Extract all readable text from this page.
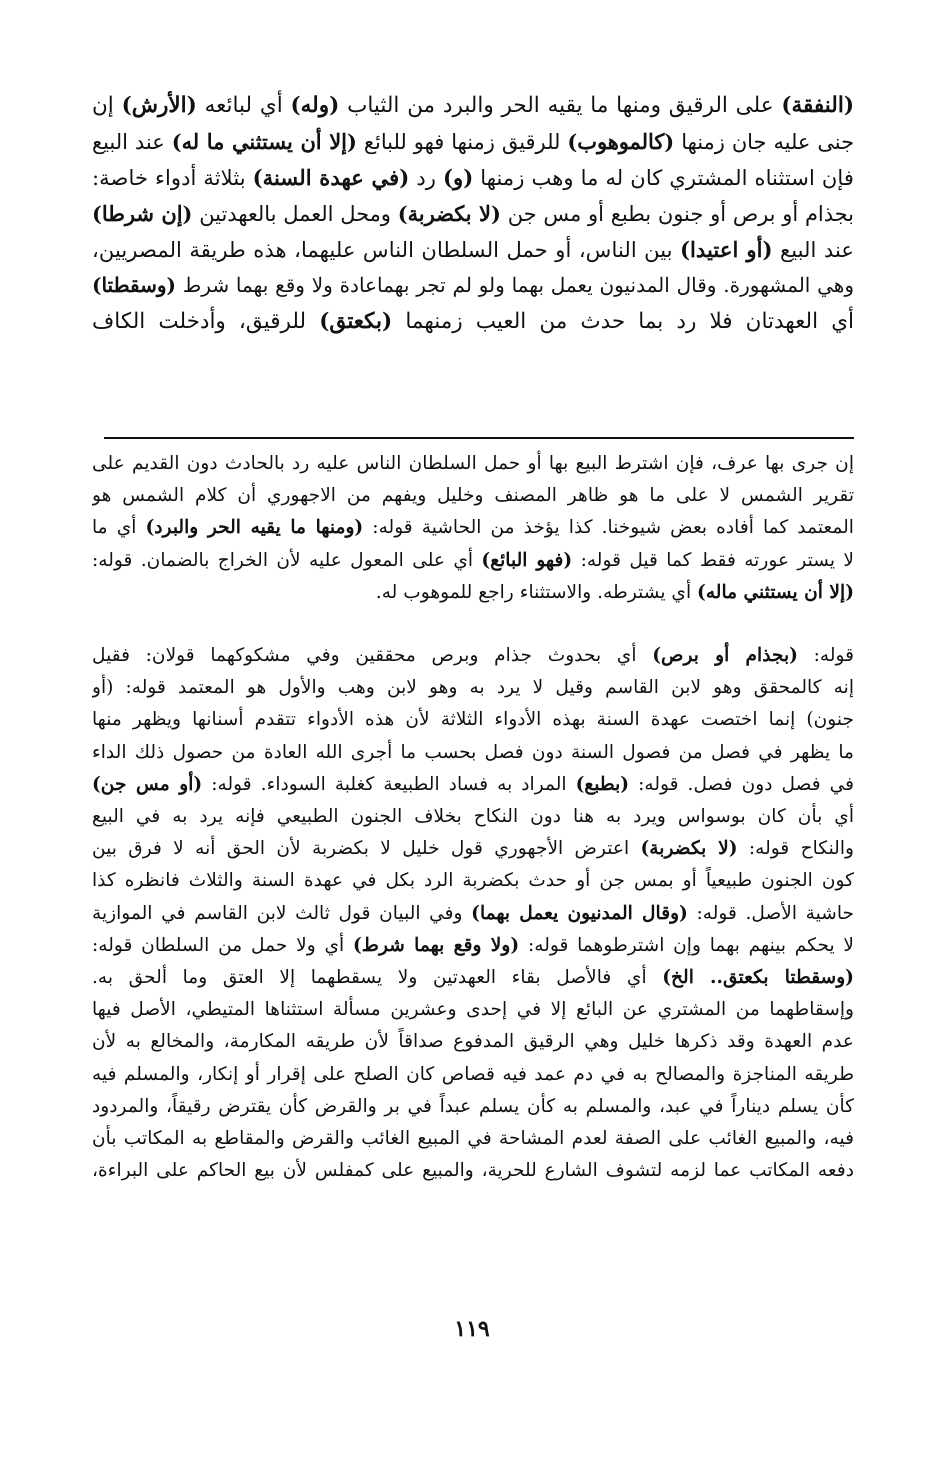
(النفقة) على الرقيق ومنها ما يقيه الحر والبرد من الثياب (وله) أي لبائعه (الأرش) إن
جنى عليه جان زمنها (كالموهوب) للرقيق زمنها فهو للبائع (إلا أن يستثني ما له) عند البيع
فإن استثناه المشتري كان له ما وهب زمنها (و) رد (في عهدة السنة) بثلاثة أدواء خاصة:
بجذام أو برص أو جنون بطبع أو مس جن (لا بكضربة) ومحل العمل بالعهدتين (إن شرطا)
عند البيع (أو اعتيدا) بين الناس، أو حمل السلطان الناس عليهما، هذه طريقة المصريين،
وهي المشهورة. وقال المدنيون يعمل بهما ولو لم تجر بهماعادة ولا وقع بهما شرط (وسقطتا)
أي العهدتان فلا رد بما حدث من العيب زمنهما (بكعتق) للرقيق، وأدخلت الكاف
إن جرى بها عرف، فإن اشترط البيع بها أو حمل السلطان الناس عليه رد بالحادث دون القديم على
تقرير الشمس لا على ما هو ظاهر المصنف وخليل ويفهم من الاجهوري أن كلام الشمس هو
المعتمد كما أفاده بعض شيوخنا. كذا يؤخذ من الحاشية قوله: (ومنها ما يقيه الحر والبرد) أي ما
لا يستر عورته فقط كما قيل قوله: (فهو البائع) أي على المعول عليه لأن الخراج بالضمان. قوله:
(إلا أن يستثني ماله) أي يشترطه. والاستثناء راجع للموهوب له.
قوله: (بجذام أو برص) أي بحدوث جذام وبرص محققين وفي مشكوكهما قولان: فقيل
إنه كالمحقق وهو لابن القاسم وقيل لا يرد به وهو لابن وهب والأول هو المعتمد قوله: (أو
جنون) إنما اختصت عهدة السنة بهذه الأدواء الثلاثة لأن هذه الأدواء تتقدم أسنانها ويظهر منها
ما يظهر في فصل من فصول السنة دون فصل بحسب ما أجرى الله العادة من حصول ذلك الداء
في فصل دون فصل. قوله: (بطبع) المراد به فساد الطبيعة كغلبة السوداء. قوله: (أو مس جن)
أي بأن كان بوسواس ويرد به هنا دون النكاح بخلاف الجنون الطبيعي فإنه يرد به في البيع
والنكاح قوله: (لا بكضربة) اعترض الأجهوري قول خليل لا بكضربة لأن الحق أنه لا فرق بين
كون الجنون طبيعياً أو بمس جن أو حدث بكضربة الرد بكل في عهدة السنة والثلاث فانظره كذا
حاشية الأصل. قوله: (وقال المدنيون يعمل بهما) وفي البيان قول ثالث لابن القاسم في الموازية
لا يحكم بينهم بهما وإن اشترطوهما قوله: (ولا وقع بهما شرط) أي ولا حمل من السلطان قوله:
(وسقطتا بكعتق.. الخ) أي فالأصل بقاء العهدتين ولا يسقطهما إلا العتق وما ألحق به.
وإسقاطهما من المشتري عن البائع إلا في إحدى وعشرين مسألة استثناها المتيطي، الأصل فيها
عدم العهدة وقد ذكرها خليل وهي الرقيق المدفوع صداقاً لأن طريقه المكارمة، والمخالع به لأن
طريقه المناجزة والمصالح به في دم عمد فيه قصاص كان الصلح على إقرار أو إنكار، والمسلم فيه
كأن يسلم ديناراً في عبد، والمسلم به كأن يسلم عبداً في بر والقرض كأن يقترض رقيقاً، والمردود
فيه، والمبيع الغائب على الصفة لعدم المشاحة في المبيع الغائب والقرض والمقاطع به المكاتب بأن
دفعه المكاتب عما لزمه لتشوف الشارع للحرية، والمبيع على كمفلس لأن بيع الحاكم على البراءة،
١١٩
